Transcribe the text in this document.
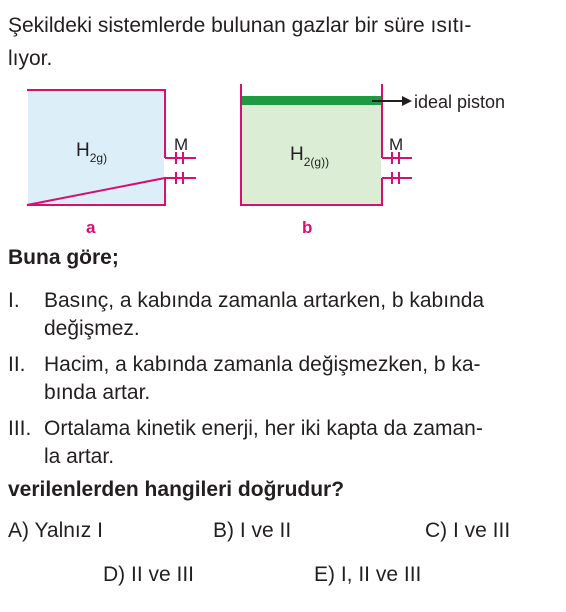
Şekildeki sistemlerde bulunan gazlar bir süre ısıtı-
lıyor.
M
$H_{2g)}$
a
M
$H_{2(g))}$
b
ideal piston
Buna göre;
I. Basınç, a kabında zamanla artarken, b kabında
değişmez.
II. Hacim, a kabında zamanla değişmezken, b ka-
bında artar.
III. Ortalama kinetik enerji, her iki kapta da zaman-
la artar.
verilenlerden hangileri doğrudur?
A) Yalnız I	B) I ve II	C) I ve III
D) II ve III	E) I, II ve III
